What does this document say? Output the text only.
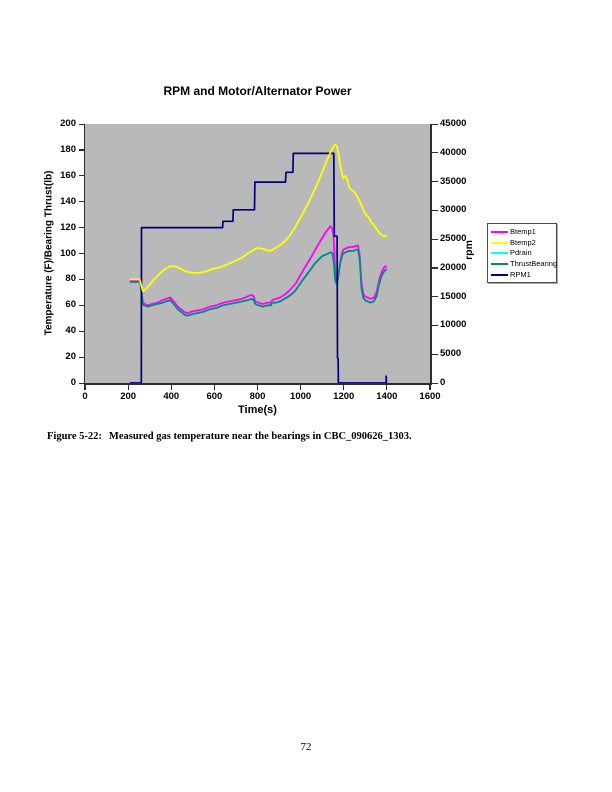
RPM and Motor/Alternator Power
Temperature (F)/Bearing Thrust(lb)	rpm
Time(s)
Btemp1
Btemp2
Pdrain
ThrustBearing
RPM1
Figure 5-22: Measured gas temperature near the bearings in CBC_090626_1303.
72
0
20
40
60
80
100
120
140
160
180
200
0
5000
10000
15000
20000
25000
30000
35000
40000
45000
0	200	400	600	800	1000	1200	1400	1600
